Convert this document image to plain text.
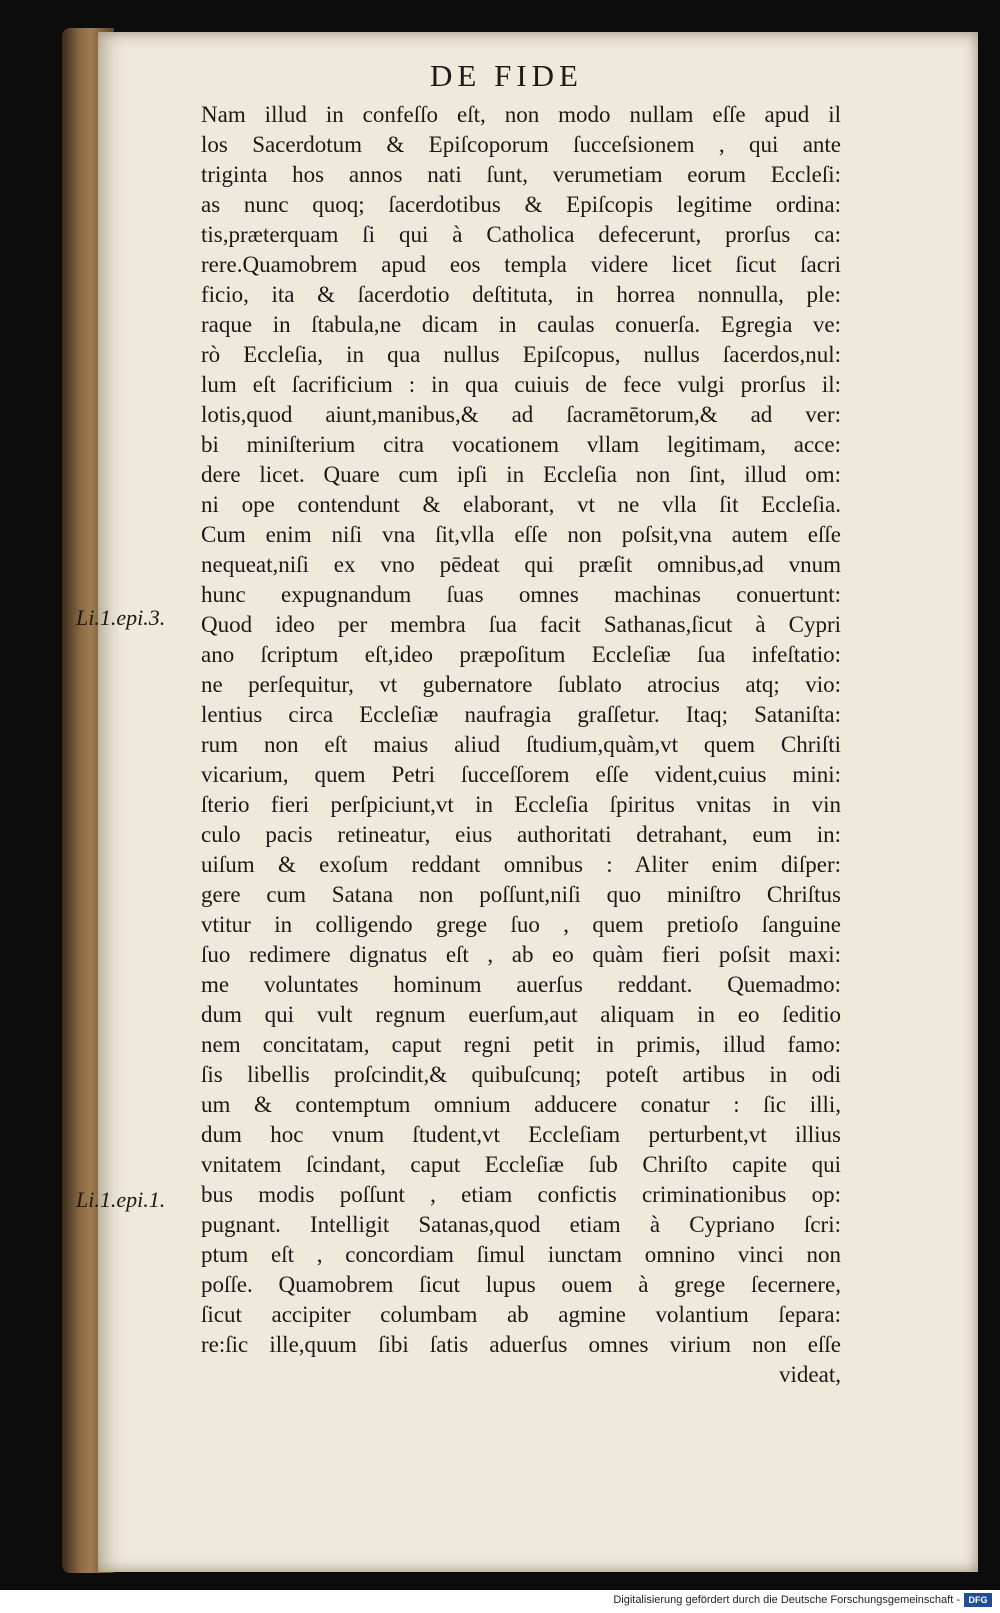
DE FIDE
Li.1.epi.3.
Li.1.epi.1.
Nam illud in confeſſo eſt, non modo nullam eſſe apud il
los Sacerdotum & Epiſcoporum ſucceſsionem , qui ante
triginta hos annos nati ſunt, verumetiam eorum Eccleſi:
as nunc quoq; ſacerdotibus & Epiſcopis legitime ordina:
tis,præterquam ſi qui à Catholica defecerunt, prorſus ca:
rere.Quamobrem apud eos templa videre licet ſicut ſacri
ficio, ita & ſacerdotio deſtituta, in horrea nonnulla, ple:
raque in ſtabula,ne dicam in caulas conuerſa. Egregia ve:
rò Eccleſia, in qua nullus Epiſcopus, nullus ſacerdos,nul:
lum eſt ſacrificium : in qua cuiuis de fece vulgi prorſus il:
lotis,quod aiunt,manibus,& ad ſacramētorum,& ad ver:
bi miniſterium citra vocationem vllam legitimam, acce:
dere licet. Quare cum ipſi in Eccleſia non ſint, illud om:
ni ope contendunt & elaborant, vt ne vlla ſit Eccleſia.
Cum enim niſi vna ſit,vlla eſſe non poſsit,vna autem eſſe
nequeat,niſi ex vno pēdeat qui præſit omnibus,ad vnum
hunc expugnandum ſuas omnes machinas conuertunt:
Quod ideo per membra ſua facit Sathanas,ſicut à Cypri
ano ſcriptum eſt,ideo præpoſitum Eccleſiæ ſua infeſtatio:
ne perſequitur, vt gubernatore ſublato atrocius atq; vio:
lentius circa Eccleſiæ naufragia graſſetur. Itaq; Sataniſta:
rum non eſt maius aliud ſtudium,quàm,vt quem Chriſti
vicarium, quem Petri ſucceſſorem eſſe vident,cuius mini:
ſterio fieri perſpiciunt,vt in Eccleſia ſpiritus vnitas in vin
culo pacis retineatur, eius authoritati detrahant, eum in:
uiſum & exoſum reddant omnibus : Aliter enim diſper:
gere cum Satana non poſſunt,niſi quo miniſtro Chriſtus
vtitur in colligendo grege ſuo , quem pretioſo ſanguine
ſuo redimere dignatus eſt , ab eo quàm fieri poſsit maxi:
me voluntates hominum auerſus reddant. Quemadmo:
dum qui vult regnum euerſum,aut aliquam in eo ſeditio
nem concitatam, caput regni petit in primis, illud famo:
ſis libellis proſcindit,& quibuſcunq; poteſt artibus in odi
um & contemptum omnium adducere conatur : ſic illi,
dum hoc vnum ſtudent,vt Eccleſiam perturbent,vt illius
vnitatem ſcindant, caput Eccleſiæ ſub Chriſto capite qui
bus modis poſſunt , etiam confictis criminationibus op:
pugnant. Intelligit Satanas,quod etiam à Cypriano ſcri:
ptum eſt , concordiam ſimul iunctam omnino vinci non
poſſe. Quamobrem ſicut lupus ouem à grege ſecernere,
ſicut accipiter columbam ab agmine volantium ſepara:
re:ſic ille,quum ſibi ſatis aduerſus omnes virium non eſſe
videat,
Digitalisierung gefördert durch die Deutsche Forschungsgemeinschaft - DFG
